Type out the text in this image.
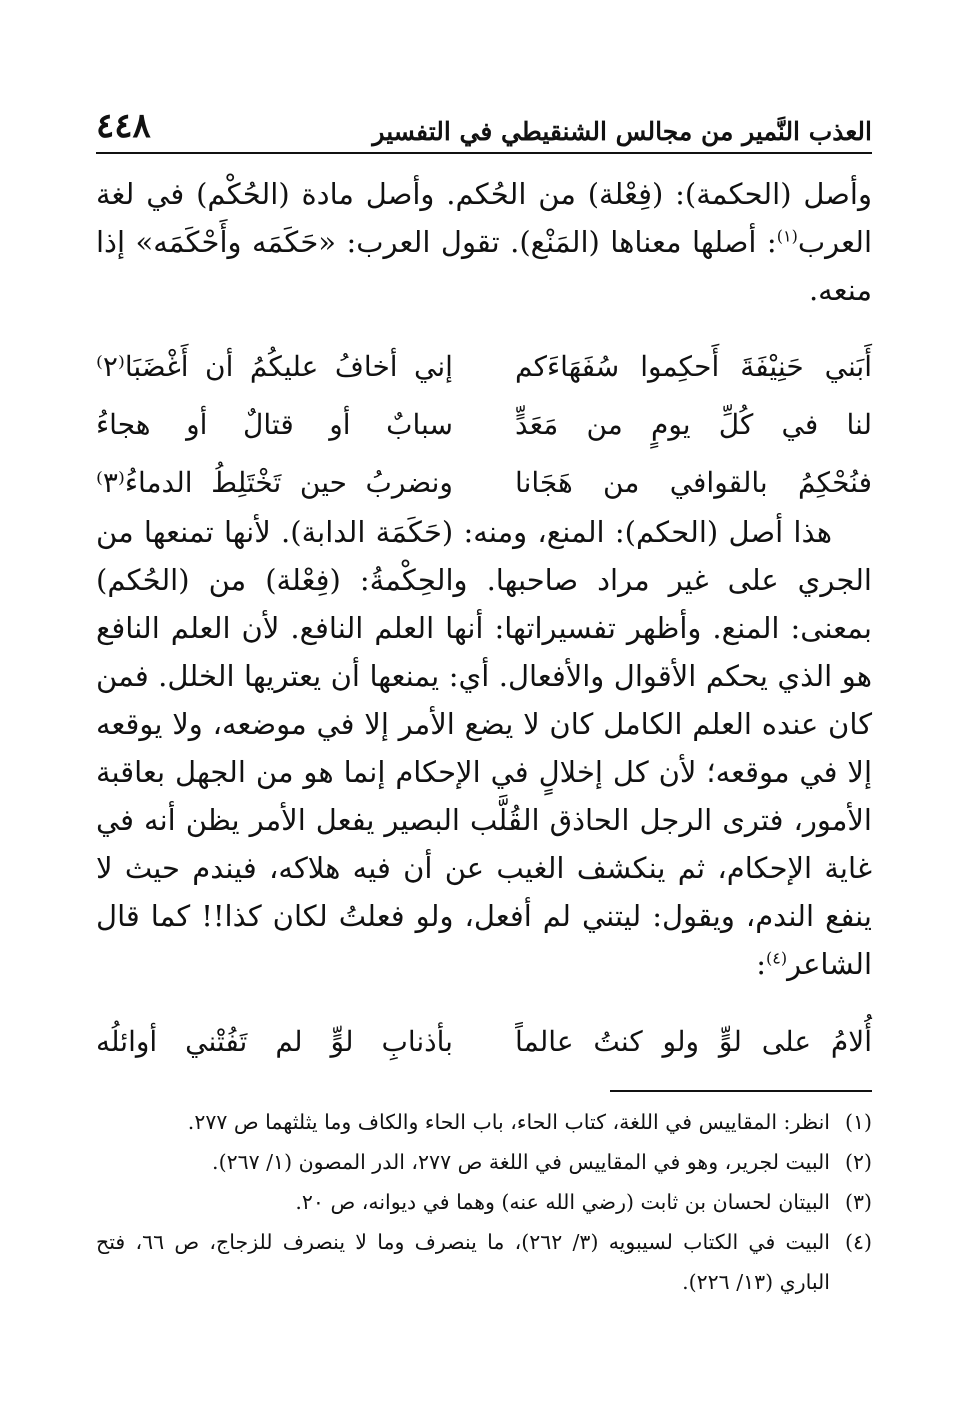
العذب النَّمير من مجالس الشنقيطي في التفسير
٤٤٨
وأصل (الحكمة): (فِعْلة) من الحُكم. وأصل مادة (الحُكْم) في لغة العرب$^{(١)}$: أصلها معناها (المَنْع). تقول العرب: «حَكَمَه وأَحْكَمَه» إذا منعه.
أَبَني حَنِيْفَةَ أَحكِموا سُفَهَاءَكم
إني أخافُ عليكُمُ أن أَغْضَبَا⁽٢⁾
لنا في كُلِّ يومٍ من مَعَدٍّ
سبابٌ أو قتالٌ أو هجاءُ
فنُحْكِمُ بالقوافي من هَجَانا
ونضربُ حين تَخْتَلِطُ الدماءُ⁽٣⁾
هذا أصل (الحكم): المنع، ومنه: (حَكَمَة الدابة). لأنها تمنعها من الجري على غير مراد صاحبها. والحِكْمةُ: (فِعْلة) من (الحُكم) بمعنى: المنع. وأظهر تفسيراتها: أنها العلم النافع. لأن العلم النافع هو الذي يحكم الأقوال والأفعال. أي: يمنعها أن يعتريها الخلل. فمن كان عنده العلم الكامل كان لا يضع الأمر إلا في موضعه، ولا يوقعه إلا في موقعه؛ لأن كل إخلالٍ في الإحكام إنما هو من الجهل بعاقبة الأمور، فترى الرجل الحاذق القُلَّب البصير يفعل الأمر يظن أنه في غاية الإحكام، ثم ينكشف الغيب عن أن فيه هلاكه، فيندم حيث لا ينفع الندم، ويقول: ليتني لم أفعل، ولو فعلتُ لكان كذا!! كما قال الشاعر$^{(٤)}$:
أُلامُ على لوٍّ ولو كنتُ عالماً
بأذنابِ لوٍّ لم تَفُتْني أوائلُه
(١)
انظر: المقاييس في اللغة، كتاب الحاء، باب الحاء والكاف وما يثلثهما ص ٢٧٧.
(٢)
البيت لجرير، وهو في المقاييس في اللغة ص ٢٧٧، الدر المصون (١/ ٢٦٧).
(٣)
البيتان لحسان بن ثابت (رضي الله عنه) وهما في ديوانه، ص ٢٠.
(٤)
البيت في الكتاب لسيبويه (٣/ ٢٦٢)، ما ينصرف وما لا ينصرف للزجاج، ص ٦٦، فتح الباري (١٣/ ٢٢٦).
